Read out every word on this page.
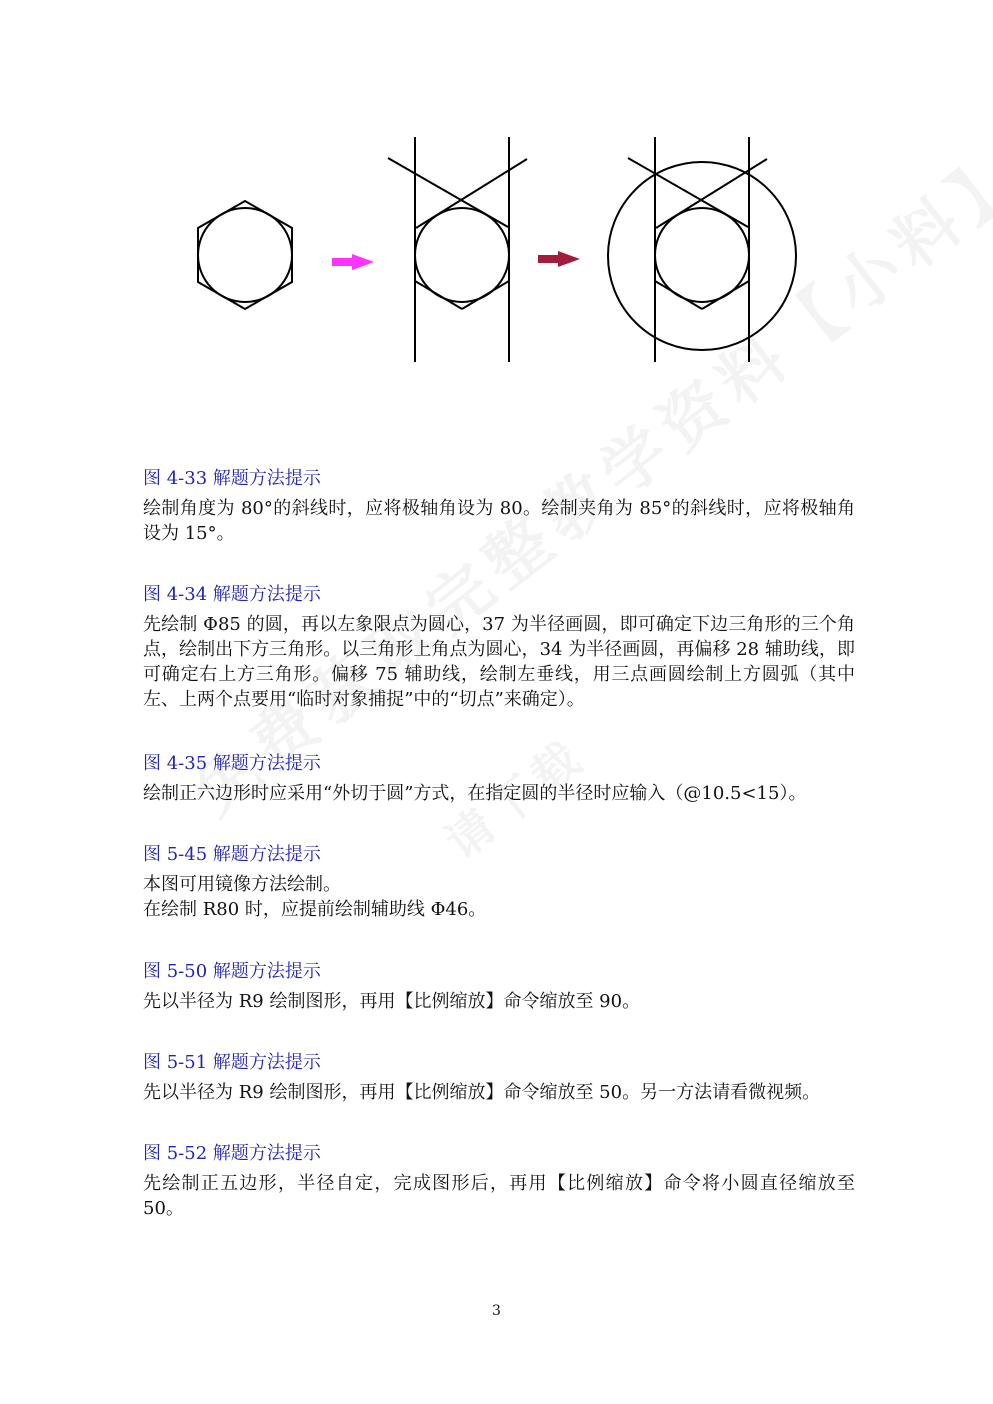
图 4-33 解题方法提示

绘制角度为 80°的斜线时，应将极轴角设为 80。绘制夹角为 85°的斜线时，应将极轴角设为 15°。

图 4-34 解题方法提示

先绘制 Φ85 的圆，再以左象限点为圆心，37 为半径画圆，即可确定下边三角形的三个角点，绘制出下方三角形。以三角形上角点为圆心，34 为半径画圆，再偏移 28 辅助线，即可确定右上方三角形。偏移 75 辅助线，绘制左垂线，用三点画圆绘制上方圆弧（其中左、上两个点要用“临时对象捕捉”中的“切点”来确定）。

图 4-35 解题方法提示

绘制正六边形时应采用“外切于圆”方式，在指定圆的半径时应输入（@10.5<15）。

图 5-45 解题方法提示

本图可用镜像方法绘制。
在绘制 R80 时，应提前绘制辅助线 Φ46。

图 5-50 解题方法提示

先以半径为 R9 绘制图形，再用【比例缩放】命令缩放至 90。

图 5-51 解题方法提示

先以半径为 R9 绘制图形，再用【比例缩放】命令缩放至 50。另一方法请看微视频。

图 5-52 解题方法提示

先绘制正五边形，半径自定，完成图形后，再用【比例缩放】命令将小圆直径缩放至 50。

3
